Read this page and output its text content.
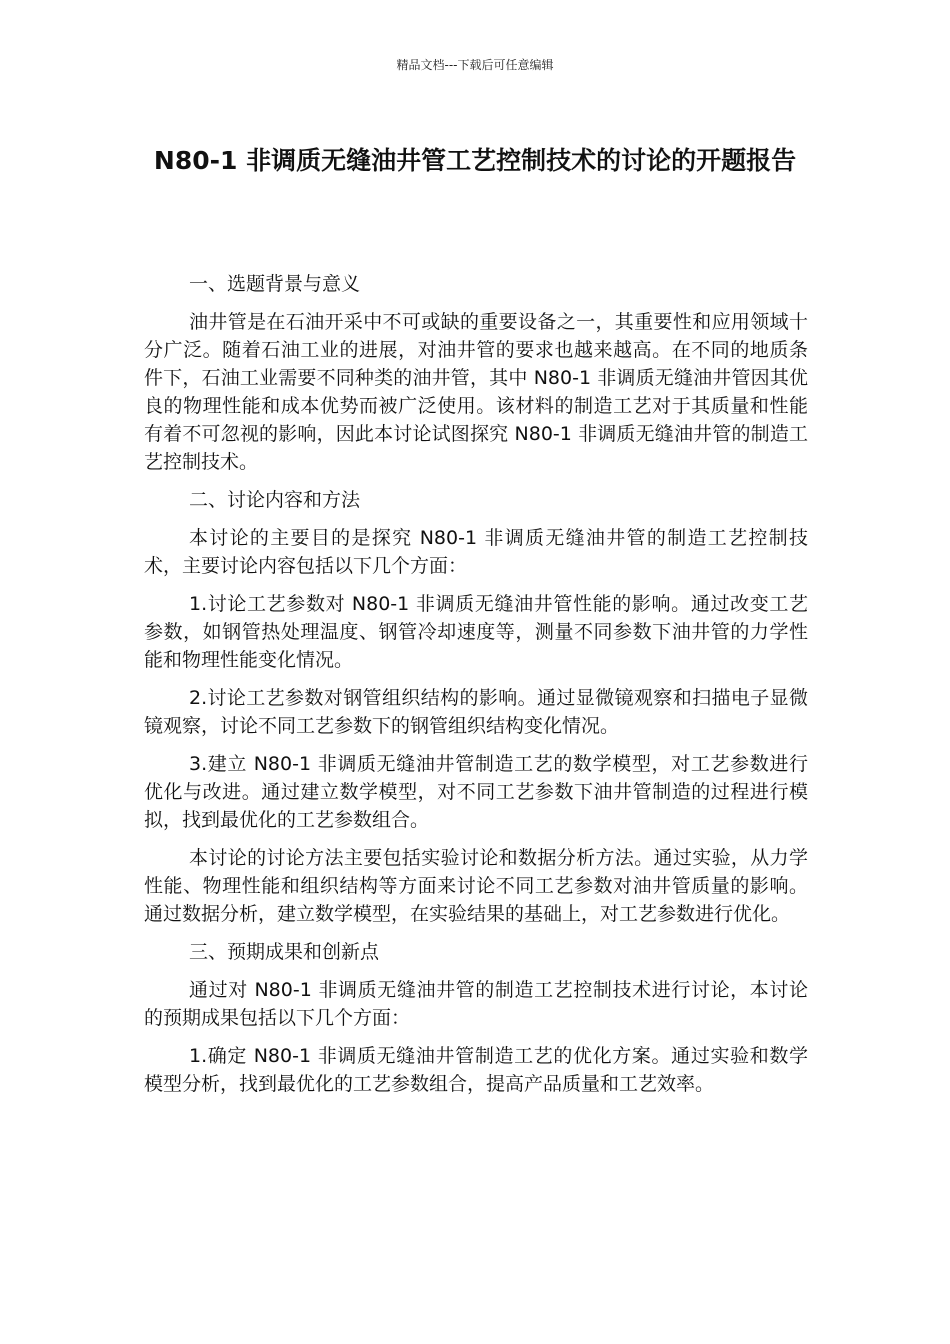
精品文档---下载后可任意编辑
N80-1 非调质无缝油井管工艺控制技术的讨论的开题报告

一、选题背景与意义

油井管是在石油开采中不可或缺的重要设备之一，其重要性和应用领域十分广泛。随着石油工业的进展，对油井管的要求也越来越高。在不同的地质条件下，石油工业需要不同种类的油井管，其中 N80-1 非调质无缝油井管因其优良的物理性能和成本优势而被广泛使用。该材料的制造工艺对于其质量和性能有着不可忽视的影响，因此本讨论试图探究 N80-1 非调质无缝油井管的制造工艺控制技术。

二、讨论内容和方法

本讨论的主要目的是探究 N80-1 非调质无缝油井管的制造工艺控制技术，主要讨论内容包括以下几个方面：

1.讨论工艺参数对 N80-1 非调质无缝油井管性能的影响。通过改变工艺参数，如钢管热处理温度、钢管冷却速度等，测量不同参数下油井管的力学性能和物理性能变化情况。

2.讨论工艺参数对钢管组织结构的影响。通过显微镜观察和扫描电子显微镜观察，讨论不同工艺参数下的钢管组织结构变化情况。

3.建立 N80-1 非调质无缝油井管制造工艺的数学模型，对工艺参数进行优化与改进。通过建立数学模型，对不同工艺参数下油井管制造的过程进行模拟，找到最优化的工艺参数组合。

本讨论的讨论方法主要包括实验讨论和数据分析方法。通过实验，从力学性能、物理性能和组织结构等方面来讨论不同工艺参数对油井管质量的影响。通过数据分析，建立数学模型，在实验结果的基础上，对工艺参数进行优化。

三、预期成果和创新点

通过对 N80-1 非调质无缝油井管的制造工艺控制技术进行讨论，本讨论的预期成果包括以下几个方面：

1.确定 N80-1 非调质无缝油井管制造工艺的优化方案。通过实验和数学模型分析，找到最优化的工艺参数组合，提高产品质量和工艺效率。
